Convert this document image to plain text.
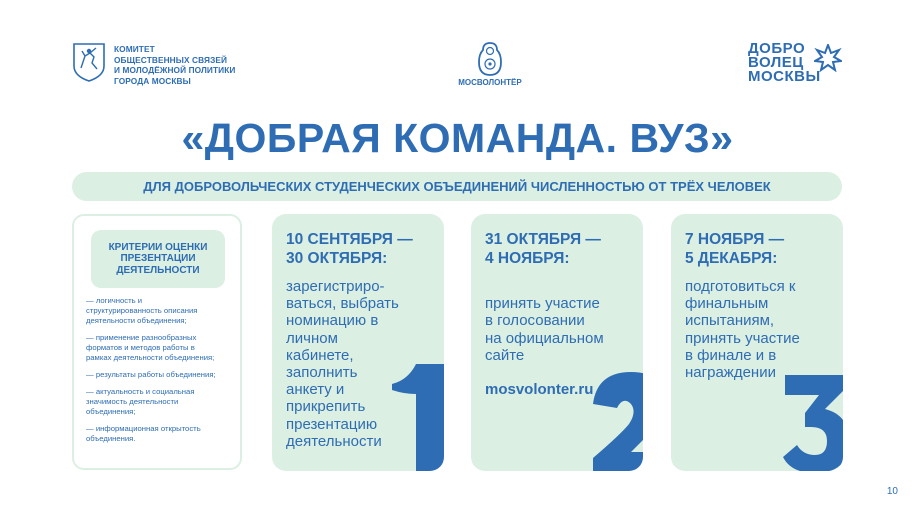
КОМИТЕТ
ОБЩЕСТВЕННЫХ СВЯЗЕЙ
И МОЛОДЁЖНОЙ ПОЛИТИКИ
ГОРОДА МОСКВЫ	МОСВОЛОНТЁР
ДОБРО
ВОЛЕЦ
МОСКВЫ
«ДОБРАЯ КОМАНДА. ВУЗ»
ДЛЯ ДОБРОВОЛЬЧЕСКИХ СТУДЕНЧЕСКИХ ОБЪЕДИНЕНИЙ ЧИСЛЕННОСТЬЮ ОТ ТРЁХ ЧЕЛОВЕК
КРИТЕРИИ ОЦЕНКИ
ПРЕЗЕНТАЦИИ
ДЕЯТЕЛЬНОСТИ
— логичность и
структурированность описания
деятельности объединения;
— применение разнообразных
форматов и методов работы в
рамках деятельности объединения;
— результаты работы объединения;
— актуальность и социальная
значимость деятельности
объединения;
— информационная открытость
объединения.
10 СЕНТЯБРЯ —
30 ОКТЯБРЯ:
зарегистриро-
ваться, выбрать
номинацию в
личном
кабинете,
заполнить
анкету и
прикрепить
презентацию
деятельности
31 ОКТЯБРЯ —
4 НОЯБРЯ:

принять участие
в голосовании
на официальном
сайте

mosvolonter.ru

7 НОЯБРЯ —
5 ДЕКАБРЯ:
подготовиться к
финальным
испытаниям,
принять участие
в финале и в
награждении
10
